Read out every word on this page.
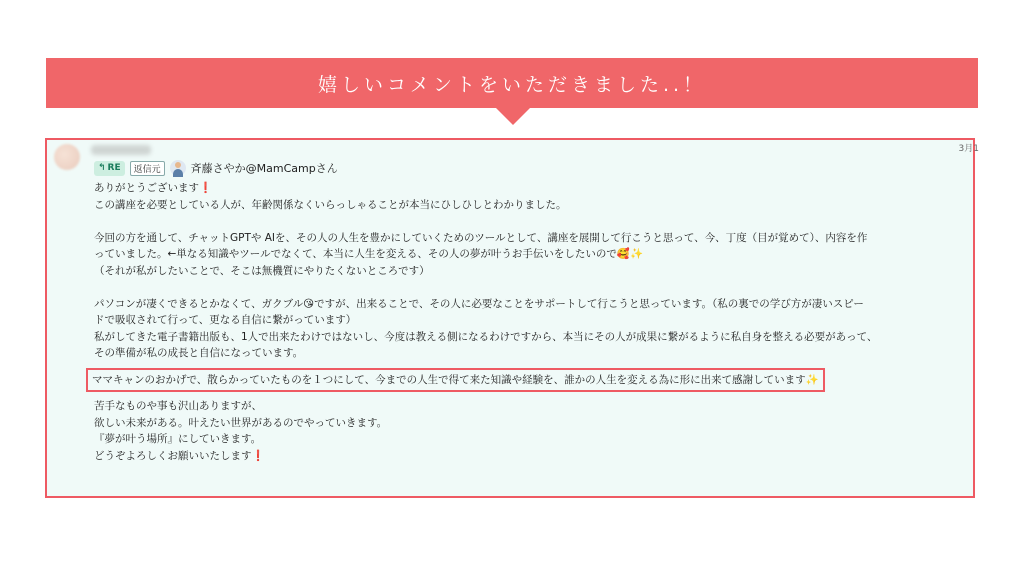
嬉しいコメントをいただきました..！
3月1
↰ RE	返信元	斉藤さやか@MamCampさん

ありがとうございます❗

この講座を必要としている人が、年齢関係なくいらっしゃることが本当にひしひしとわかりました。

今回の方を通して、チャットGPTや AIを、その人の人生を豊かにしていくためのツールとして、講座を展開して行こうと思って、今、丁度（目が覚めて）、内容を作

っていました。←単なる知識やツールでなくて、本当に人生を変える、その人の夢が叶うお手伝いをしたいので🥰✨

（それが私がしたいことで、そこは無機質にやりたくないところです）

パソコンが凄くできるとかなくて、ガクブル😘ですが、出来ることで、その人に必要なことをサポートして行こうと思っています。（私の裏での学び方が凄いスピー

ドで吸収されて行って、更なる自信に繋がっています）

私がしてきた電子書籍出版も、1人で出来たわけではないし、今度は教える側になるわけですから、本当にその人が成果に繋がるように私自身を整える必要があって、

その準備が私の成長と自信になっています。

ママキャンのおかげで、散らかっていたものを１つにして、今までの人生で得て来た知識や経験を、誰かの人生を変える為に形に出来て感謝しています✨

苦手なものや事も沢山ありますが、

欲しい未来がある。叶えたい世界があるのでやっていきます。

『夢が叶う場所』にしていきます。

どうぞよろしくお願いいたします❗
